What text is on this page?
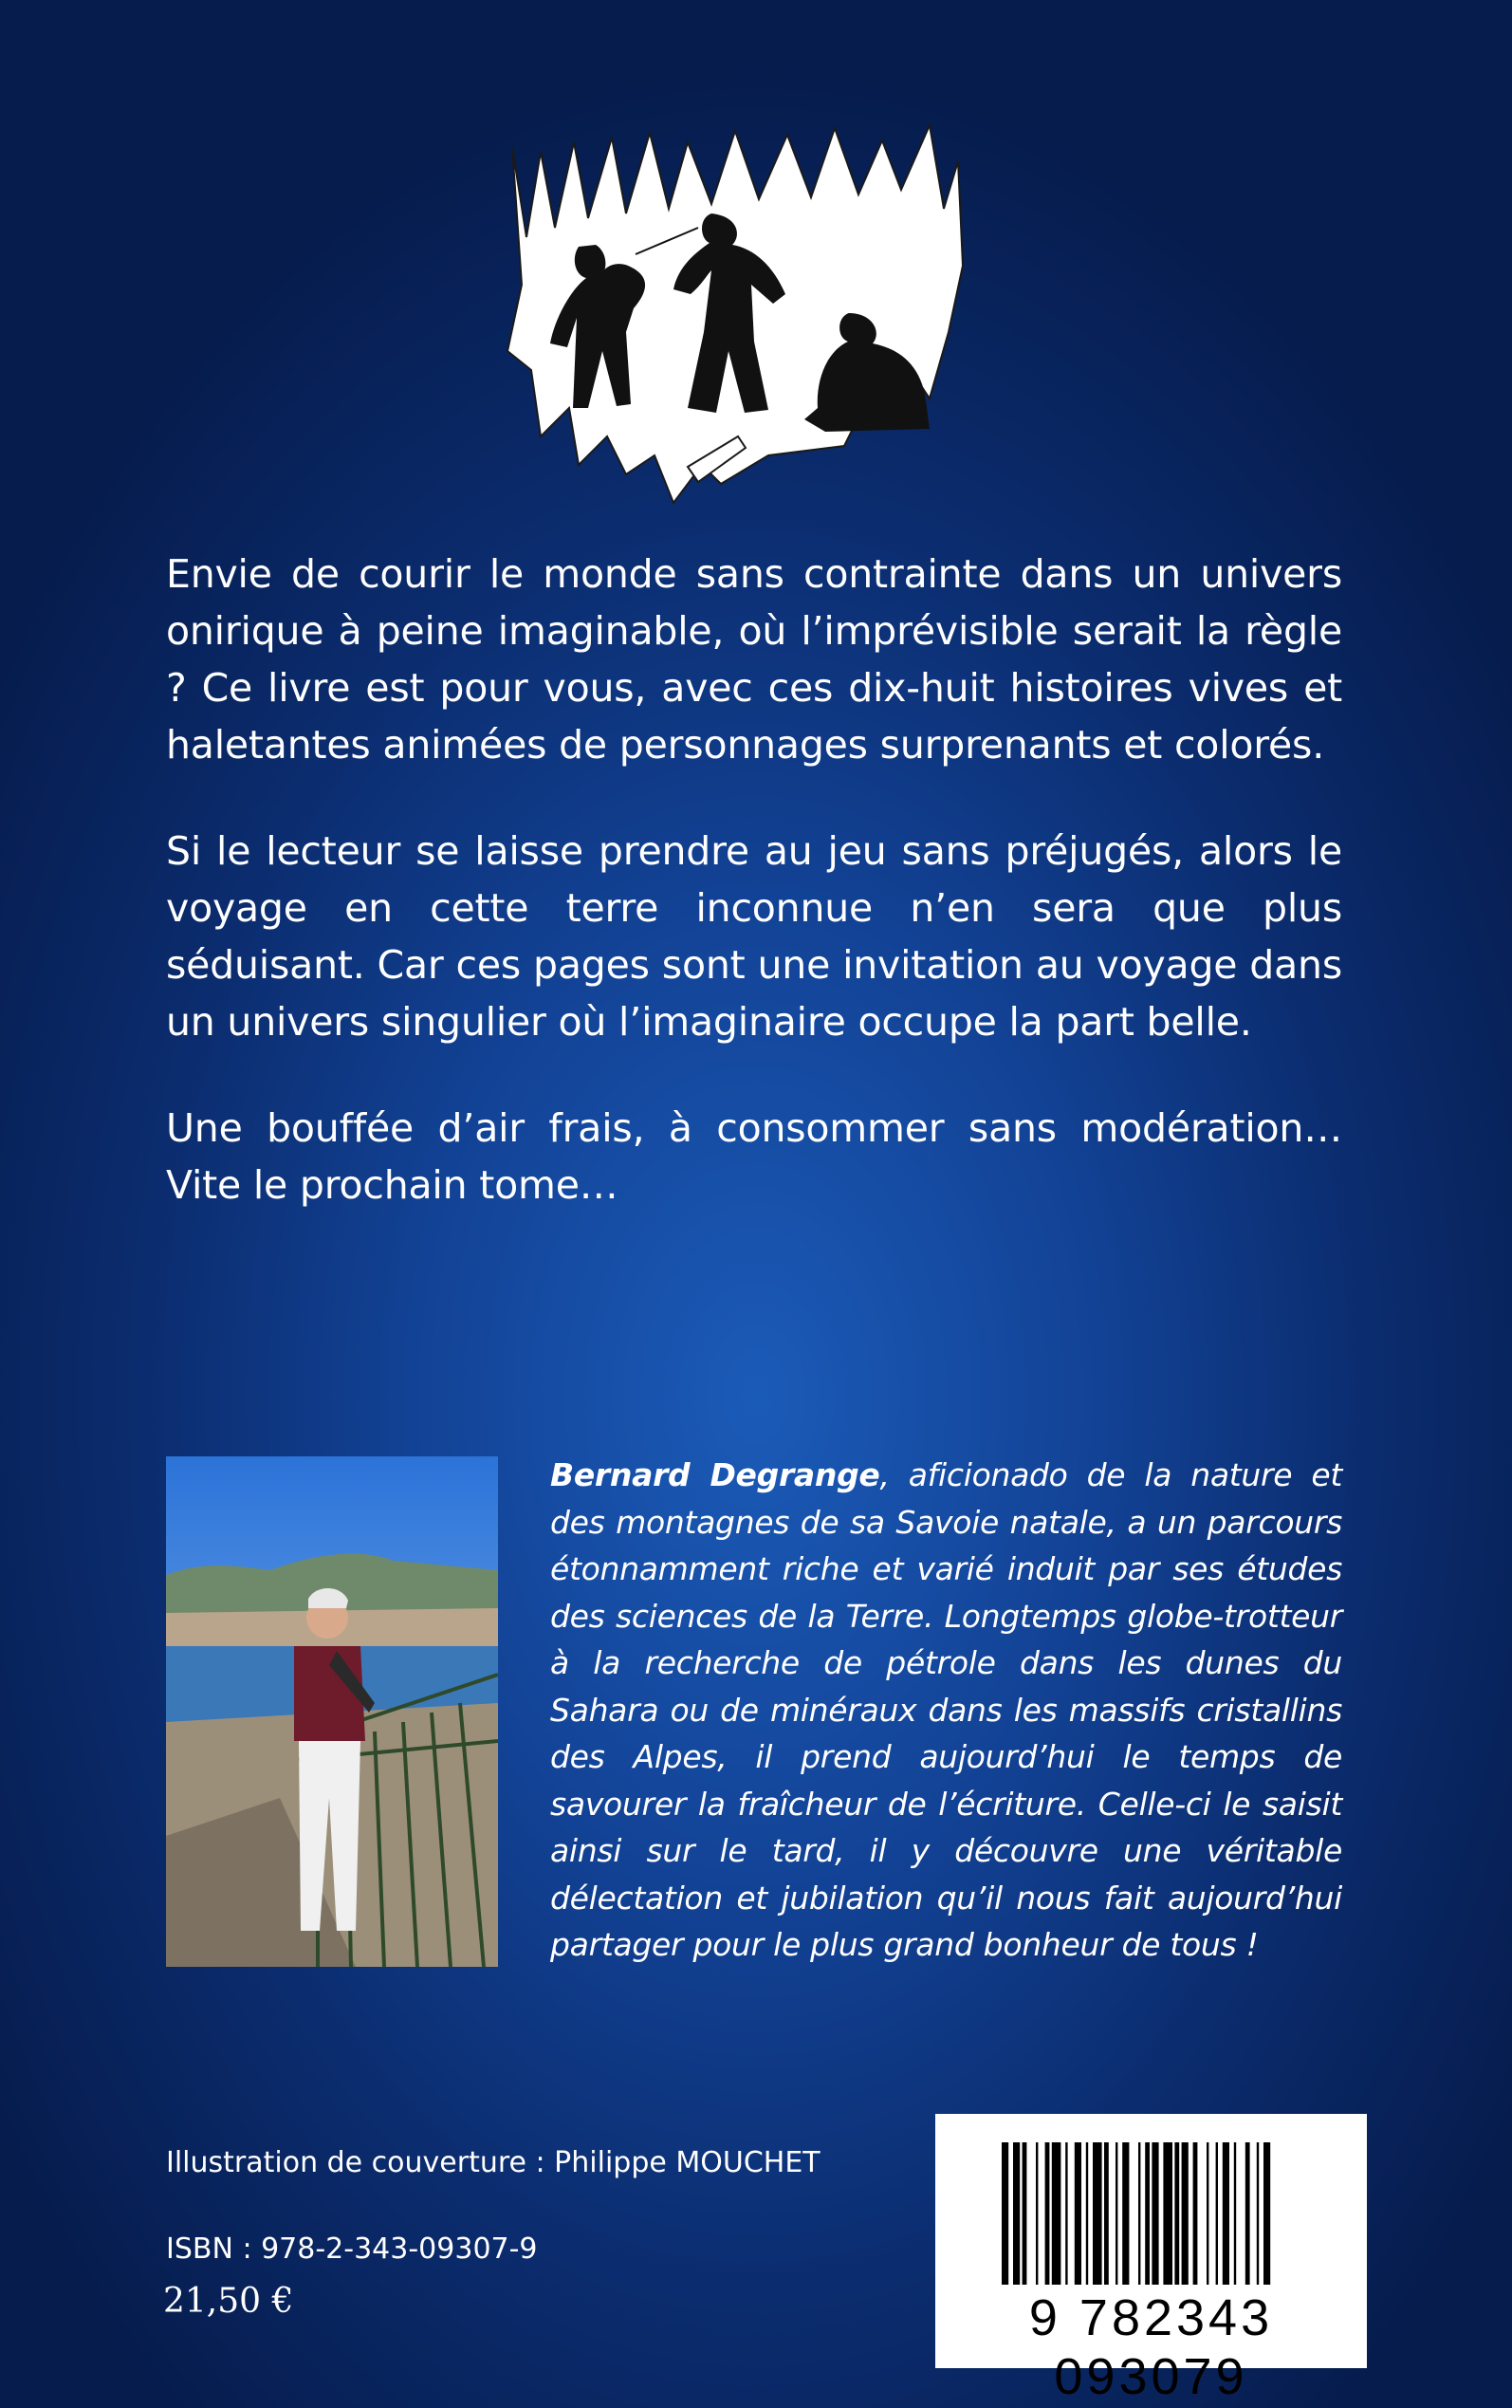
Envie de courir le monde sans contrainte dans un univers onirique à peine imaginable, où l’imprévisible serait la règle ? Ce livre est pour vous, avec ces dix-huit histoires vives et haletantes animées de personnages surprenants et colorés.

Si le lecteur se laisse prendre au jeu sans préjugés, alors le voyage en cette terre inconnue n’en sera que plus séduisant. Car ces pages sont une invitation au voyage dans un univers singulier où l’imaginaire occupe la part belle.

Une bouffée d’air frais, à consommer sans modération… Vite le prochain tome…

Bernard Degrange, aficionado de la nature et des montagnes de sa Savoie natale, a un parcours étonnamment riche et varié induit par ses études des sciences de la Terre. Longtemps globe-trotteur à la recherche de pétrole dans les dunes du Sahara ou de minéraux dans les massifs cristallins des Alpes, il prend aujourd’hui le temps de savourer la fraîcheur de l’écriture. Celle-ci le saisit ainsi sur le tard, il y découvre une véritable délectation et jubilation qu’il nous fait aujourd’hui partager pour le plus grand bonheur de tous !
Illustration de couverture : Philippe MOUCHET
ISBN : 978-2-343-09307-9
21,50 €	9 782343 093079
